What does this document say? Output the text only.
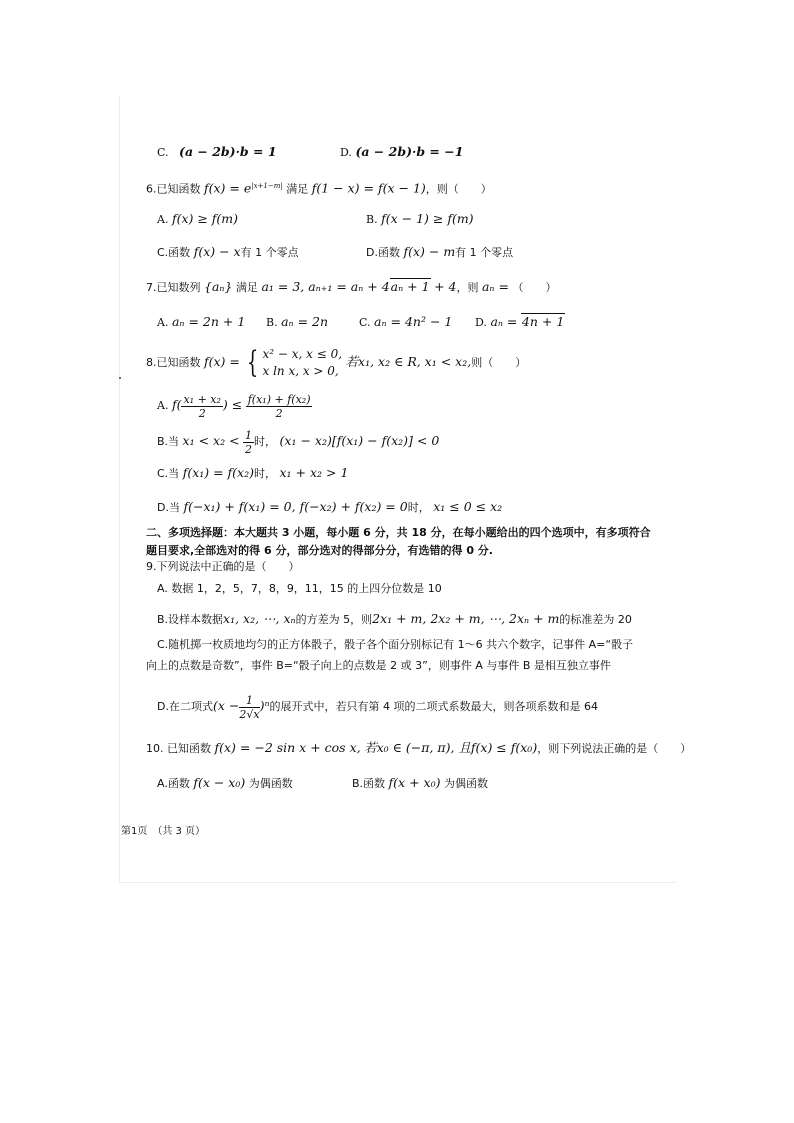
C. (a − 2b)·b = 1	D. (a − 2b)·b = −1
6.已知函数 $f(x) = e^{|x+1-m|}$ 满足 f(1 − x) = f(x − 1)，则（　　）
A. f(x) ≥ f(m)	B. f(x − 1) ≥ f(m)
C.函数 f(x) − x有 1 个零点	D.函数 f(x) − m有 1 个零点
7.已知数列 {aₙ} 满足 a₁ = 3, aₙ₊₁ = aₙ + 4aₙ + 1 + 4，则 aₙ = （　　）
A. aₙ = 2n + 1 B. aₙ = 2n	C. aₙ = 4n² − 1 D. aₙ = 4n + 1
8.已知函数 f(x) = { x² − x, x ≤ 0,
x ln x, x > 0,
若x₁, x₂ ∈ R, x₁ < x₂,则（　　）
A. $f( \frac{\text{x₁ + x₂}}{2}$ ) ≤ $\frac{\text{f(x₁) + f(x₂)}}{2}$
B.当 $x_1 < x_2 < \frac{1}{2}$ 时， (x₁ − x₂)[f(x₁) − f(x₂)] < 0
C.当 f(x₁) = f(x₂)时， x₁ + x₂ > 1
D.当 f(−x₁) + f(x₁) = 0, f(−x₂) + f(x₂) = 0时， x₁ ≤ 0 ≤ x₂
二、多项选择题：本大题共 3 小题，每小题 6 分，共 18 分，在每小题给出的四个选项中，有多项符合
题目要求,全部选对的得 6 分，部分选对的得部分分，有选错的得 0 分.
9.下列说法中正确的是（　　）
A. 数据 1，2，5，7，8，9，11，15 的上四分位数是 10
B.设样本数据x₁, x₂, ⋯, xₙ的方差为 5，则2x₁ + m, 2x₂ + m, ⋯, 2xₙ + m的标准差为 20
C.随机掷一枚质地均匀的正方体骰子，骰子各个面分别标记有 1～6 共六个数字，记事件 A=“骰子
向上的点数是奇数”，事件 B=“骰子向上的点数是 2 或 3”，则事件 A 与事件 B 是相互独立事件
D.在二项式$(x - \frac{1}{2√x} )^n$的展开式中，若只有第 4 项的二项式系数最大，则各项系数和是 64
10. 已知函数 f(x) = −2 sin x + cos x, 若x₀ ∈ (−π, π), 且f(x) ≤ f(x₀)，则下列说法正确的是（　　）
A.函数 f(x − x₀) 为偶函数	B.函数 f(x + x₀) 为偶函数
第1页　（共 3 页）
